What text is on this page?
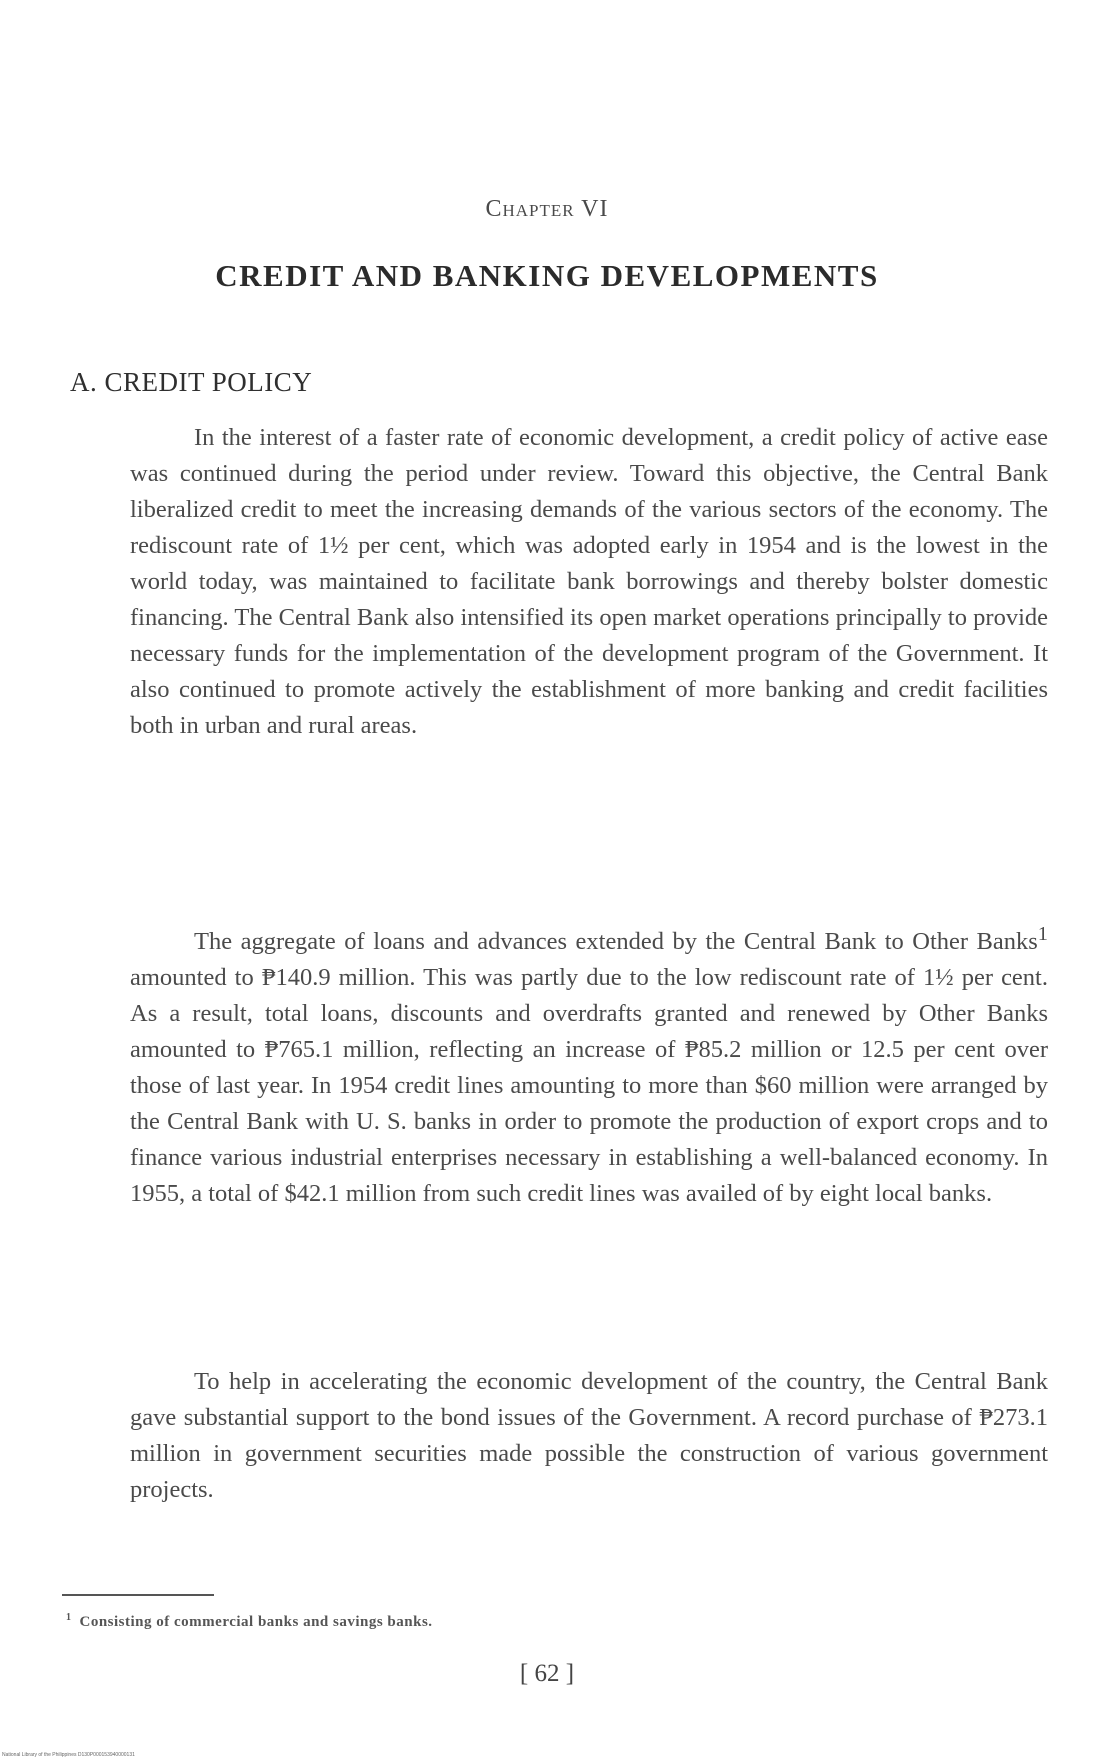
Chapter VI
CREDIT AND BANKING DEVELOPMENTS
A. CREDIT POLICY

In the interest of a faster rate of economic development, a credit policy of active ease was continued during the period under review. Toward this objective, the Central Bank liberalized credit to meet the increasing demands of the various sectors of the economy. The rediscount rate of 1½ per cent, which was adopted early in 1954 and is the lowest in the world today, was maintained to facilitate bank borrowings and thereby bolster domestic financing. The Central Bank also intensified its open market operations principally to provide necessary funds for the implementation of the development program of the Government. It also continued to promote actively the establishment of more banking and credit facilities both in urban and rural areas.

The aggregate of loans and advances extended by the Central Bank to Other Banks$^1$ amounted to ₱140.9 million. This was partly due to the low rediscount rate of 1½ per cent. As a result, total loans, discounts and overdrafts granted and renewed by Other Banks amounted to ₱765.1 million, reflecting an increase of ₱85.2 million or 12.5 per cent over those of last year. In 1954 credit lines amounting to more than $60 million were arranged by the Central Bank with U. S. banks in order to promote the production of export crops and to finance various industrial enterprises necessary in establishing a well-balanced economy. In 1955, a total of $42.1 million from such credit lines was availed of by eight local banks.

To help in accelerating the economic development of the country, the Central Bank gave substantial support to the bond issues of the Government. A record purchase of ₱273.1 million in government securities made possible the construction of various government projects.

$^1$ Consisting of commercial banks and savings banks.
[ 62 ]
National Library of the Philippines D130P000153940000131
